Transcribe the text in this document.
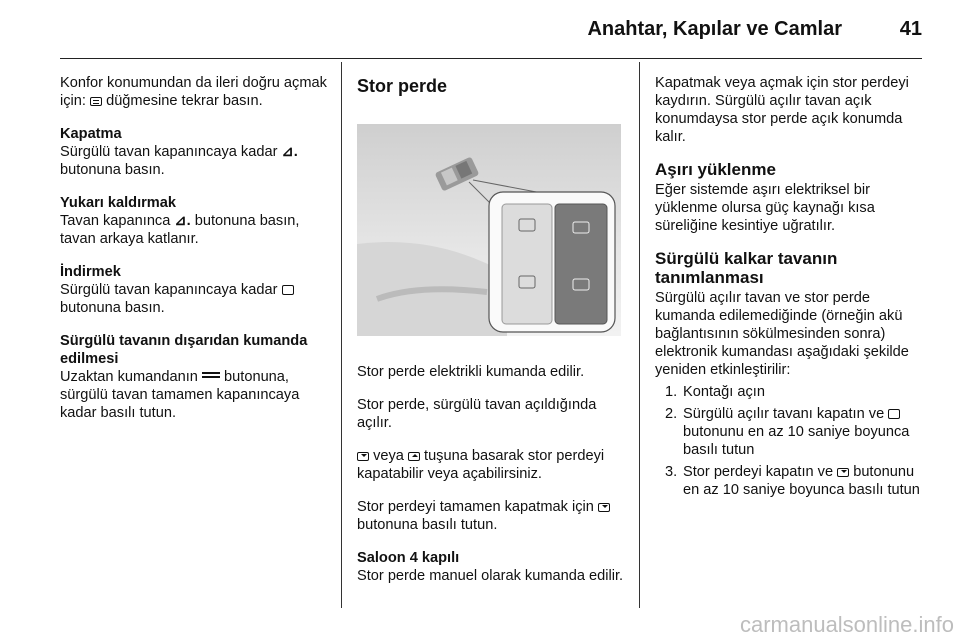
Anahtar, Kapılar ve Camlar	41

Konfor konumundan da ileri doğru açmak için: düğmesine tekrar basın.

Kapatma
Sürgülü tavan kapanıncaya kadar ⊿. butonuna basın.

Yukarı kaldırmak
Tavan kapanınca ⊿. butonuna basın, tavan arkaya katlanır.

İndirmek
Sürgülü tavan kapanıncaya kadar  butonuna basın.

Sürgülü tavanın dışarıdan kumanda edilmesi
Uzaktan kumandanın butonuna, sürgülü tavan tamamen kapanıncaya kadar basılı tutun.

Stor perde

Stor perde elektrikli kumanda edilir.

Stor perde, sürgülü tavan açıldığında açılır.

veya tuşuna basarak stor perdeyi kapatabilir veya açabilirsiniz.

Stor perdeyi tamamen kapatmak için  butonuna basılı tutun.

Saloon 4 kapılı
Stor perde manuel olarak kumanda edilir.

Kapatmak veya açmak için stor perdeyi kaydırın. Sürgülü açılır tavan açık konumdaysa stor perde açık konumda kalır.

Aşırı yüklenme

Eğer sistemde aşırı elektriksel bir yüklenme olursa güç kaynağı kısa süreliğine kesintiye uğratılır.

Sürgülü kalkar tavanın tanımlanması

Sürgülü açılır tavan ve stor perde kumanda edilemediğinde (örneğin akü bağlantısının sökülmesinden sonra) elektronik kumandası aşağıdaki şekilde yeniden etkinleştirilir:

1. Kontağı açın
2. Sürgülü açılır tavanı kapatın ve  butonunu en az 10 saniye boyunca basılı tutun
3. Stor perdeyi kapatın ve butonunu en az 10 saniye boyunca basılı tutun
carmanualsonline.info
